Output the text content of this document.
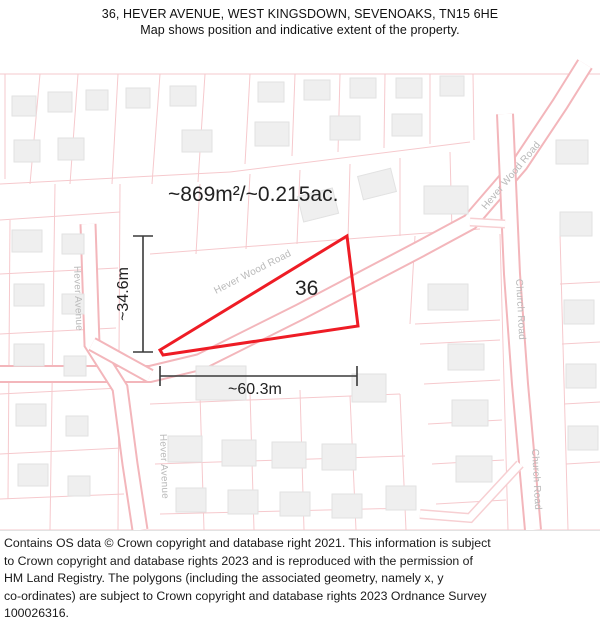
36, HEVER AVENUE, WEST KINGSDOWN, SEVENOAKS, TN15 6HE
Map shows position and indicative extent of the property.
~60.3m
~34.6m
~869m²/~0.215ac.
36
Hever Wood Road
Hever Wood Road
Church Road
Church Road
Hever Avenue
Hever Avenue

Contains OS data © Crown copyright and database right 2021. This information is subject

to Crown copyright and database rights 2023 and is reproduced with the permission of

HM Land Registry. The polygons (including the associated geometry, namely x, y

co-ordinates) are subject to Crown copyright and database rights 2023 Ordnance Survey

100026316.
